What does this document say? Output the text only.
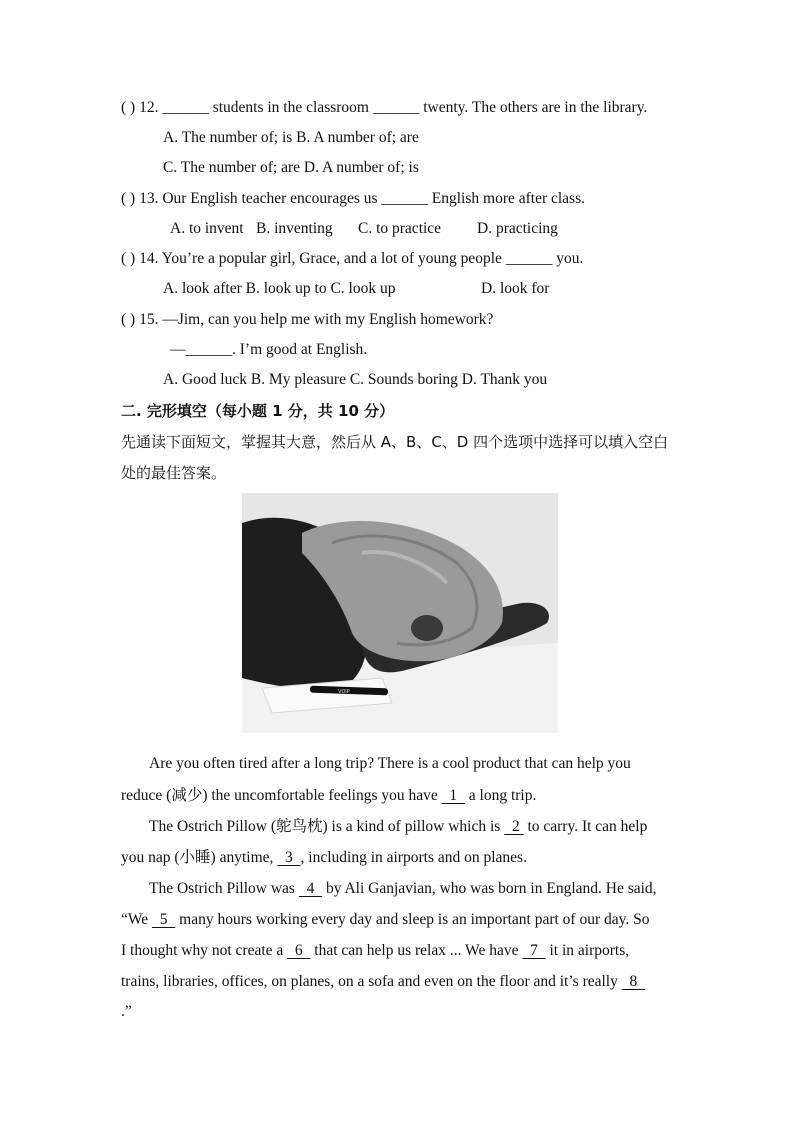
( ) 12. ______ students in the classroom ______ twenty. The others are in the library.
A. The number of; is B. A number of; are
C. The number of; are D. A number of; is
( ) 13. Our English teacher encourages us ______ English more after class.
A. to invent B. inventing C. to practice D. practicing
( ) 14. You’re a popular girl, Grace, and a lot of young people ______ you.
A. look after B. look up to C. look up	D. look for
( ) 15. —Jim, can you help me with my English homework?
—______. I’m good at English.
A. Good luck B. My pleasure C. Sounds boring D. Thank you
二. 完形填空（每小题 1 分，共 10 分）
先通读下面短文，掌握其大意，然后从 A、B、C、D 四个选项中选择可以填入空白
处的最佳答案。
VOIP
Are you often tired after a long trip? There is a cool product that can help you
reduce (减少) the uncomfortable feelings you have   1   a long trip.
The Ostrich Pillow (鸵鸟枕) is a kind of pillow which is   2  to carry. It can help
you nap (小睡) anytime,   3  , including in airports and on planes.
The Ostrich Pillow was   4   by Ali Ganjavian, who was born in England. He said,
“We   5   many hours working every day and sleep is an important part of our day. So
I thought why not create a   6   that can help us relax ... We have   7   it in airports,
trains, libraries, offices, on planes, on a sofa and even on the floor and it’s really   8
.”
